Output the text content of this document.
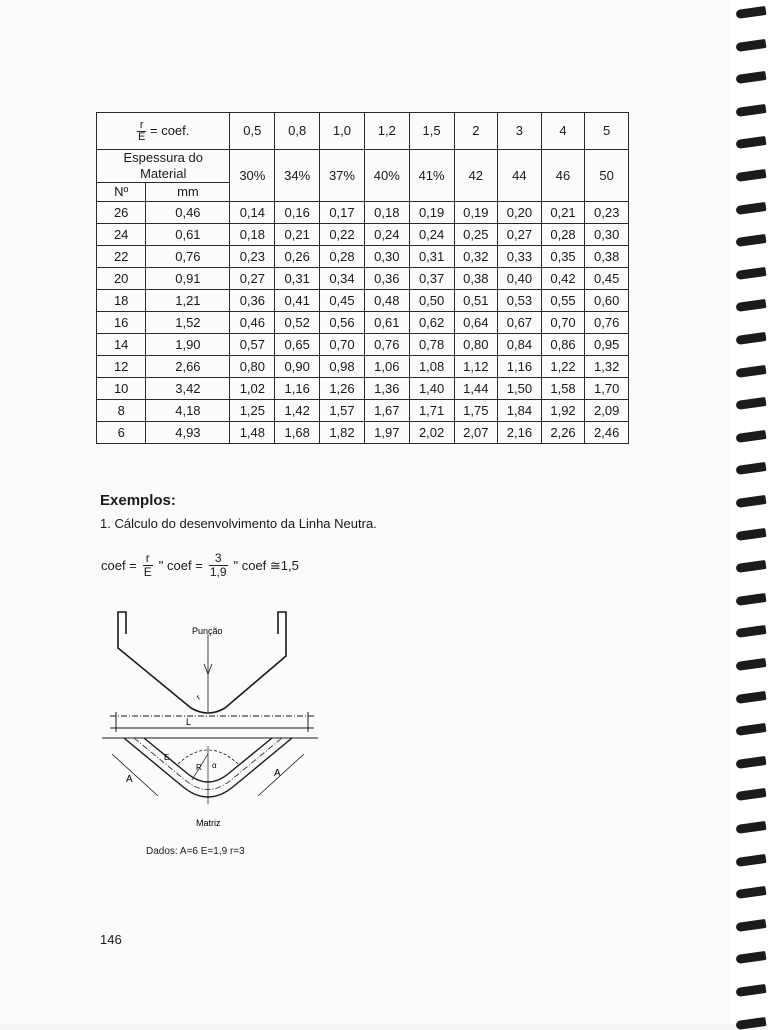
$\frac{r}{E}$ = coef.		0,5	0,8	1,0	1,2	1,5	2	3	4	5
Espessura do
Material		30%	34%	37%	40%	41%	42	44	46	50
Nº	mm									
26	0,46	0,14	0,16	0,17	0,18	0,19	0,19	0,20	0,21	0,23
24	0,61	0,18	0,21	0,22	0,24	0,24	0,25	0,27	0,28	0,30
22	0,76	0,23	0,26	0,28	0,30	0,31	0,32	0,33	0,35	0,38
20	0,91	0,27	0,31	0,34	0,36	0,37	0,38	0,40	0,42	0,45
18	1,21	0,36	0,41	0,45	0,48	0,50	0,51	0,53	0,55	0,60
16	1,52	0,46	0,52	0,56	0,61	0,62	0,64	0,67	0,70	0,76
14	1,90	0,57	0,65	0,70	0,76	0,78	0,80	0,84	0,86	0,95
12	2,66	0,80	0,90	0,98	1,06	1,08	1,12	1,16	1,22	1,32
10	3,42	1,02	1,16	1,26	1,36	1,40	1,44	1,50	1,58	1,70
8	4,18	1,25	1,42	1,57	1,67	1,71	1,75	1,84	1,92	2,09
6	4,93	1,48	1,68	1,82	1,97	2,02	2,07	2,16	2,26	2,46
Exemplos:
1. Cálculo do desenvolvimento da Linha Neutra.
coef = $\frac{r}{E}$ " coef = $\frac{3}{1,9}$ " coef ≅1,5
Punção
r
L
R α
E
A
A
Matriz
Dados: A=6 E=1,9 r=3
146
